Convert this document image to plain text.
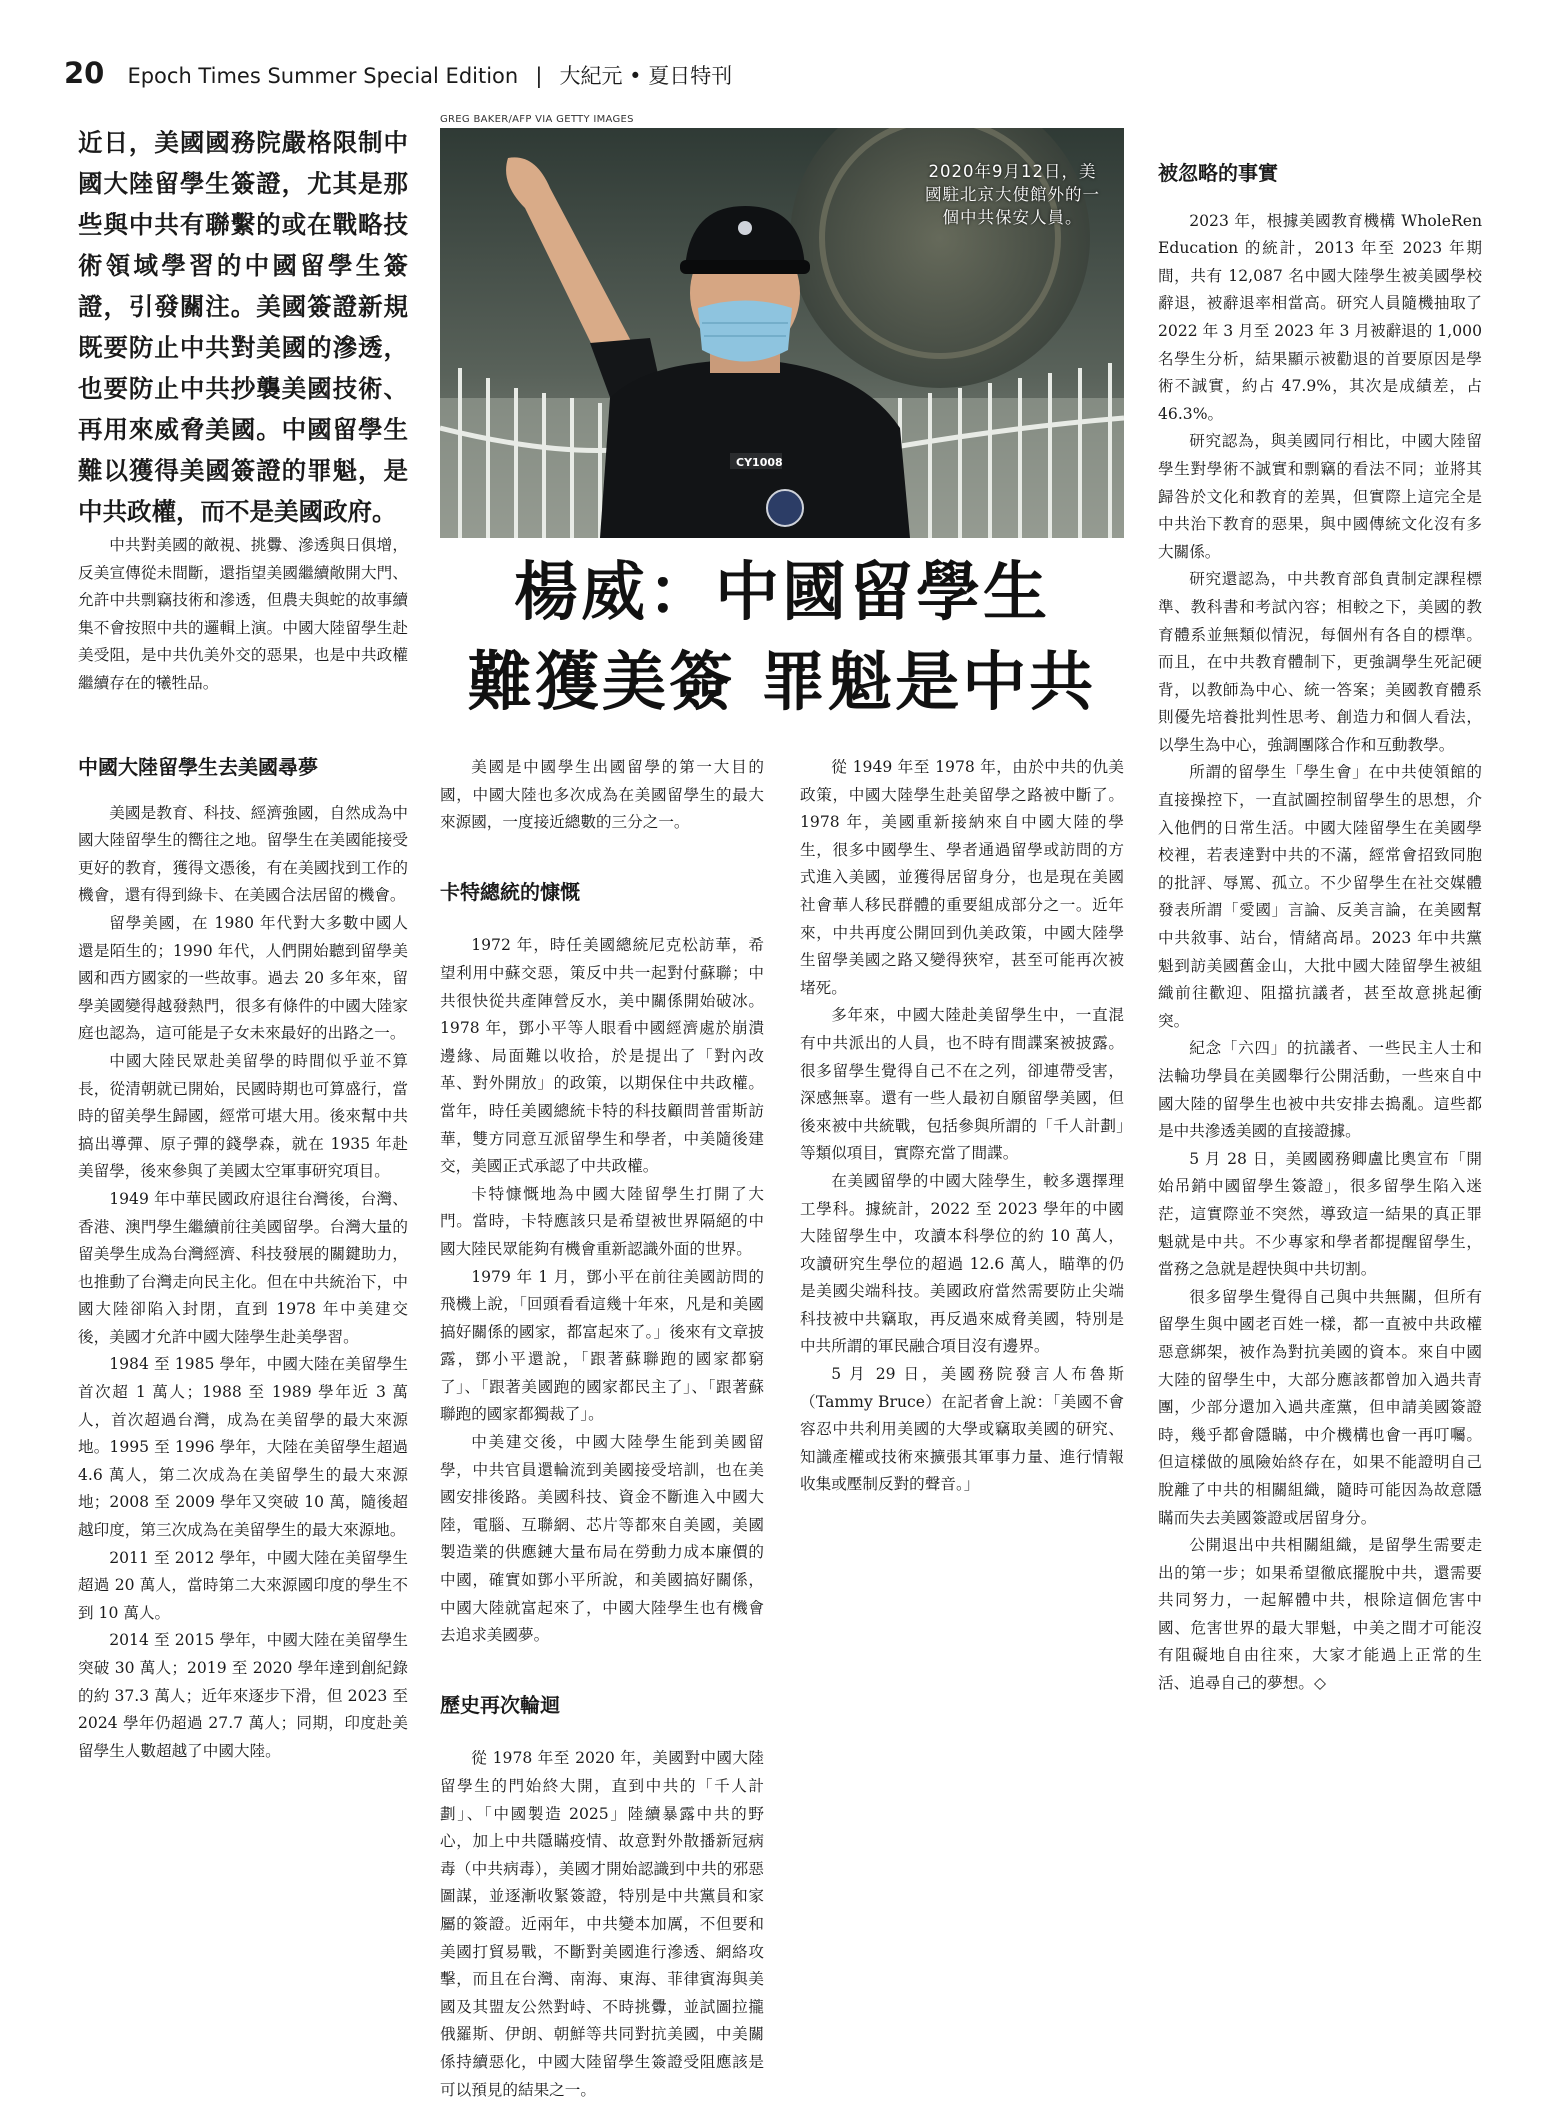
20 Epoch Times Summer Special Edition | 大紀元 • 夏日特刊
近日，美國國務院嚴格限制中國大陸留學生簽證，尤其是那些與中共有聯繫的或在戰略技術領域學習的中國留學生簽證，引發關注。美國簽證新規既要防止中共對美國的滲透，也要防止中共抄襲美國技術、再用來威脅美國。中國留學生難以獲得美國簽證的罪魁，是中共政權，而不是美國政府。

中共對美國的敵視、挑釁、滲透與日俱增，反美宣傳從未間斷，還指望美國繼續敞開大門、允許中共剽竊技術和滲透，但農夫與蛇的故事續集不會按照中共的邏輯上演。中國大陸留學生赴美受阻，是中共仇美外交的惡果，也是中共政權繼續存在的犧牲品。

中國大陸留學生去美國尋夢

美國是教育、科技、經濟強國，自然成為中國大陸留學生的嚮往之地。留學生在美國能接受更好的教育，獲得文憑後，有在美國找到工作的機會，還有得到綠卡、在美國合法居留的機會。

留學美國，在 1980 年代對大多數中國人還是陌生的；1990 年代，人們開始聽到留學美國和西方國家的一些故事。過去 20 多年來，留學美國變得越發熱門，很多有條件的中國大陸家庭也認為，這可能是子女未來最好的出路之一。

中國大陸民眾赴美留學的時間似乎並不算長，從清朝就已開始，民國時期也可算盛行，當時的留美學生歸國，經常可堪大用。後來幫中共搞出導彈、原子彈的錢學森，就在 1935 年赴美留學，後來參與了美國太空軍事研究項目。

1949 年中華民國政府退往台灣後，台灣、香港、澳門學生繼續前往美國留學。台灣大量的留美學生成為台灣經濟、科技發展的關鍵助力，也推動了台灣走向民主化。但在中共統治下，中國大陸卻陷入封閉，直到 1978 年中美建交後，美國才允許中國大陸學生赴美學習。

1984 至 1985 學年，中國大陸在美留學生首次超 1 萬人；1988 至 1989 學年近 3 萬人，首次超過台灣，成為在美留學的最大來源地。1995 至 1996 學年，大陸在美留學生超過 4.6 萬人，第二次成為在美留學生的最大來源地；2008 至 2009 學年又突破 10 萬，隨後超越印度，第三次成為在美留學生的最大來源地。

2011 至 2012 學年，中國大陸在美留學生超過 20 萬人，當時第二大來源國印度的學生不到 10 萬人。

2014 至 2015 學年，中國大陸在美留學生突破 30 萬人；2019 至 2020 學年達到創紀錄的約 37.3 萬人；近年來逐步下滑，但 2023 至 2024 學年仍超過 27.7 萬人；同期，印度赴美留學生人數超越了中國大陸。

GREG BAKER/AFP VIA GETTY IMAGES
CY1008
2020年9月12日，美國駐北京大使館外的一個中共保安人員。
楊威：中國留學生
難獲美簽 罪魁是中共

美國是中國學生出國留學的第一大目的國，中國大陸也多次成為在美國留學生的最大來源國，一度接近總數的三分之一。

卡特總統的慷慨

1972 年，時任美國總統尼克松訪華，希望利用中蘇交惡，策反中共一起對付蘇聯；中共很快從共產陣營反水，美中關係開始破冰。1978 年，鄧小平等人眼看中國經濟處於崩潰邊緣、局面難以收拾，於是提出了「對內改革、對外開放」的政策，以期保住中共政權。當年，時任美國總統卡特的科技顧問普雷斯訪華，雙方同意互派留學生和學者，中美隨後建交，美國正式承認了中共政權。

卡特慷慨地為中國大陸留學生打開了大門。當時，卡特應該只是希望被世界隔絕的中國大陸民眾能夠有機會重新認識外面的世界。

1979 年 1 月，鄧小平在前往美國訪問的飛機上說，「回頭看看這幾十年來，凡是和美國搞好關係的國家，都富起來了。」後來有文章披露，鄧小平還說，「跟著蘇聯跑的國家都窮了」、「跟著美國跑的國家都民主了」、「跟著蘇聯跑的國家都獨裁了」。

中美建交後，中國大陸學生能到美國留學，中共官員還輪流到美國接受培訓，也在美國安排後路。美國科技、資金不斷進入中國大陸，電腦、互聯網、芯片等都來自美國，美國製造業的供應鏈大量布局在勞動力成本廉價的中國，確實如鄧小平所說，和美國搞好關係，中國大陸就富起來了，中國大陸學生也有機會去追求美國夢。

歷史再次輪迴

從 1978 年至 2020 年，美國對中國大陸留學生的門始終大開，直到中共的「千人計劃」、「中國製造 2025」陸續暴露中共的野心，加上中共隱瞞疫情、故意對外散播新冠病毒（中共病毒），美國才開始認識到中共的邪惡圖謀，並逐漸收緊簽證，特別是中共黨員和家屬的簽證。近兩年，中共變本加厲，不但要和美國打貿易戰，不斷對美國進行滲透、網絡攻擊，而且在台灣、南海、東海、菲律賓海與美國及其盟友公然對峙、不時挑釁，並試圖拉攏俄羅斯、伊朗、朝鮮等共同對抗美國，中美關係持續惡化，中國大陸留學生簽證受阻應該是可以預見的結果之一。

從 1949 年至 1978 年，由於中共的仇美政策，中國大陸學生赴美留學之路被中斷了。1978 年，美國重新接納來自中國大陸的學生，很多中國學生、學者通過留學或訪問的方式進入美國，並獲得居留身分，也是現在美國社會華人移民群體的重要組成部分之一。近年來，中共再度公開回到仇美政策，中國大陸學生留學美國之路又變得狹窄，甚至可能再次被堵死。

多年來，中國大陸赴美留學生中，一直混有中共派出的人員，也不時有間諜案被披露。很多留學生覺得自己不在之列，卻連帶受害，深感無辜。還有一些人最初自願留學美國，但後來被中共統戰，包括參與所謂的「千人計劃」等類似項目，實際充當了間諜。

在美國留學的中國大陸學生，較多選擇理工學科。據統計，2022 至 2023 學年的中國大陸留學生中，攻讀本科學位的約 10 萬人，攻讀研究生學位的超過 12.6 萬人，瞄準的仍是美國尖端科技。美國政府當然需要防止尖端科技被中共竊取，再反過來威脅美國，特別是中共所謂的軍民融合項目沒有邊界。

5 月 29 日，美國務院發言人布魯斯（Tammy Bruce）在記者會上說：「美國不會容忍中共利用美國的大學或竊取美國的研究、知識產權或技術來擴張其軍事力量、進行情報收集或壓制反對的聲音。」

被忽略的事實

2023 年，根據美國教育機構 WholeRen Education 的統計，2013 年至 2023 年期間，共有 12,087 名中國大陸學生被美國學校辭退，被辭退率相當高。研究人員隨機抽取了 2022 年 3 月至 2023 年 3 月被辭退的 1,000 名學生分析，結果顯示被勸退的首要原因是學術不誠實，約占 47.9%，其次是成績差，占 46.3%。

研究認為，與美國同行相比，中國大陸留學生對學術不誠實和剽竊的看法不同；並將其歸咎於文化和教育的差異，但實際上這完全是中共治下教育的惡果，與中國傳統文化沒有多大關係。

研究還認為，中共教育部負責制定課程標準、教科書和考試內容；相較之下，美國的教育體系並無類似情況，每個州有各自的標準。而且，在中共教育體制下，更強調學生死記硬背，以教師為中心、統一答案；美國教育體系則優先培養批判性思考、創造力和個人看法，以學生為中心，強調團隊合作和互動教學。

所謂的留學生「學生會」在中共使領館的直接操控下，一直試圖控制留學生的思想，介入他們的日常生活。中國大陸留學生在美國學校裡，若表達對中共的不滿，經常會招致同胞的批評、辱罵、孤立。不少留學生在社交媒體發表所謂「愛國」言論、反美言論，在美國幫中共敘事、站台，情緒高昂。2023 年中共黨魁到訪美國舊金山，大批中國大陸留學生被組織前往歡迎、阻擋抗議者，甚至故意挑起衝突。

紀念「六四」的抗議者、一些民主人士和法輪功學員在美國舉行公開活動，一些來自中國大陸的留學生也被中共安排去搗亂。這些都是中共滲透美國的直接證據。

5 月 28 日，美國國務卿盧比奧宣布「開始吊銷中國留學生簽證」，很多留學生陷入迷茫，這實際並不突然，導致這一結果的真正罪魁就是中共。不少專家和學者都提醒留學生，當務之急就是趕快與中共切割。

很多留學生覺得自己與中共無關，但所有留學生與中國老百姓一樣，都一直被中共政權惡意綁架，被作為對抗美國的資本。來自中國大陸的留學生中，大部分應該都曾加入過共青團，少部分還加入過共產黨，但申請美國簽證時，幾乎都會隱瞞，中介機構也會一再叮囑。但這樣做的風險始終存在，如果不能證明自己脫離了中共的相關組織，隨時可能因為故意隱瞞而失去美國簽證或居留身分。

公開退出中共相關組織，是留學生需要走出的第一步；如果希望徹底擺脫中共，還需要共同努力，一起解體中共，根除這個危害中國、危害世界的最大罪魁，中美之間才可能沒有阻礙地自由往來，大家才能過上正常的生活、追尋自己的夢想。◇
